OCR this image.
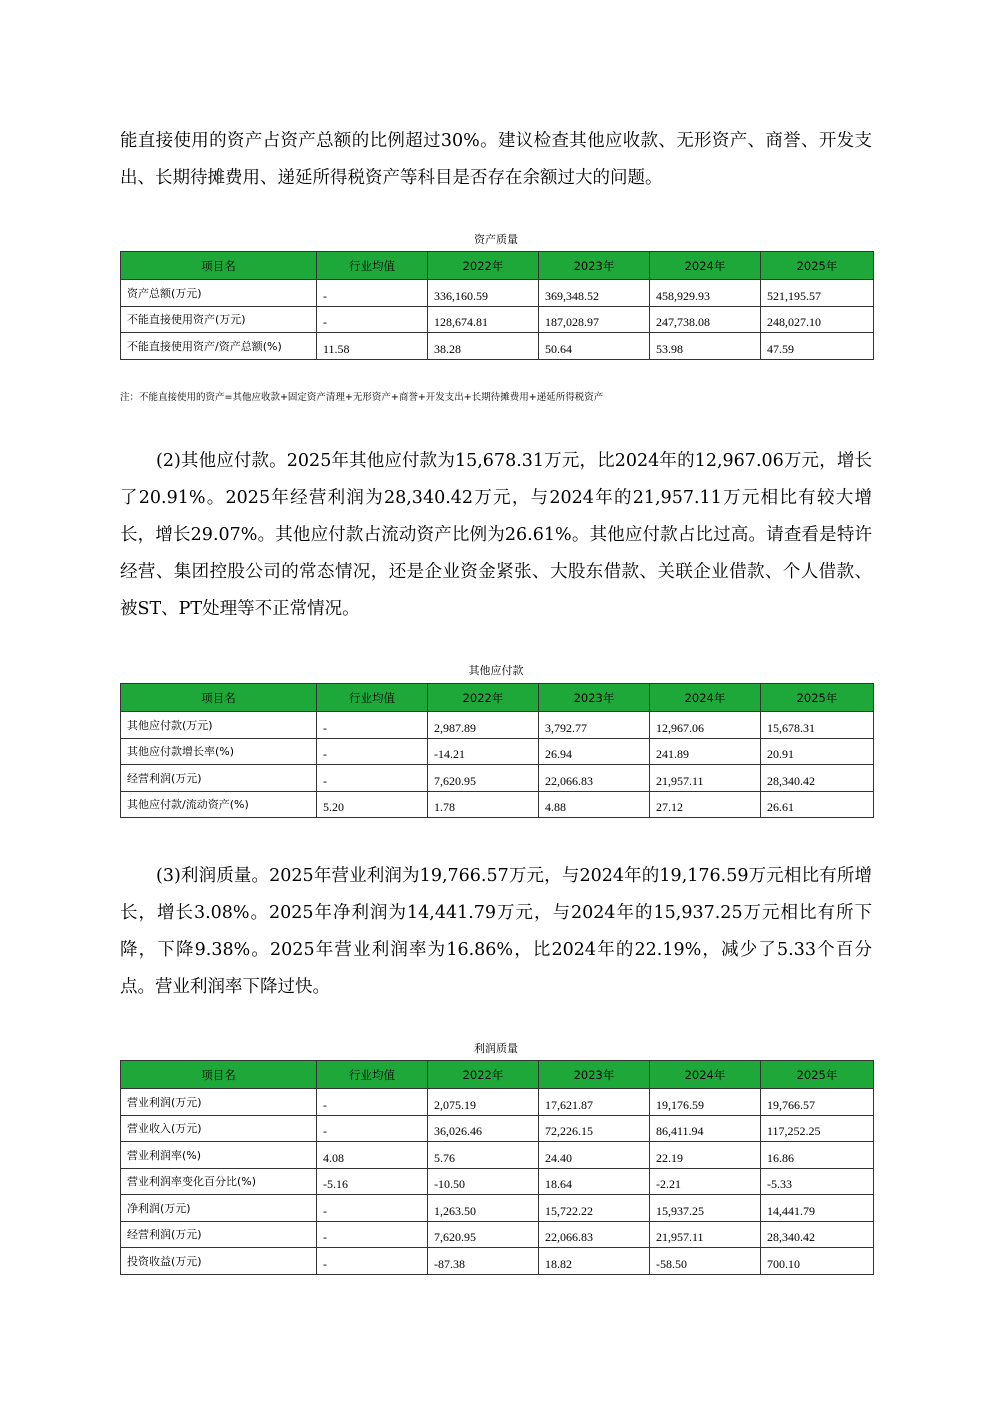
能直接使用的资产占资产总额的比例超过30%。建议检查其他应收款、无形资产、商誉、开发支出、长期待摊费用、递延所得税资产等科目是否存在余额过大的问题。

资产质量
项目名	行业均值	2022年	2023年	2024年	2025年
资产总额(万元)	-	336,160.59	369,348.52	458,929.93	521,195.57
不能直接使用资产(万元)	-	128,674.81	187,028.97	247,738.08	248,027.10
不能直接使用资产/资产总额(%)	11.58	38.28	50.64	53.98	47.59
注：不能直接使用的资产=其他应收款+固定资产清理+无形资产+商誉+开发支出+长期待摊费用+递延所得税资产

(2)其他应付款。2025年其他应付款为15,678.31万元，比2024年的12,967.06万元，增长了20.91%。2025年经营利润为28,340.42万元，与2024年的21,957.11万元相比有较大增长，增长29.07%。其他应付款占流动资产比例为26.61%。其他应付款占比过高。请查看是特许经营、集团控股公司的常态情况，还是企业资金紧张、大股东借款、关联企业借款、个人借款、被ST、PT处理等不正常情况。

其他应付款
项目名	行业均值	2022年	2023年	2024年	2025年
其他应付款(万元)	-	2,987.89	3,792.77	12,967.06	15,678.31
其他应付款增长率(%)	-	-14.21	26.94	241.89	20.91
经营利润(万元)	-	7,620.95	22,066.83	21,957.11	28,340.42
其他应付款/流动资产(%)	5.20	1.78	4.88	27.12	26.61

(3)利润质量。2025年营业利润为19,766.57万元，与2024年的19,176.59万元相比有所增长，增长3.08%。2025年净利润为14,441.79万元，与2024年的15,937.25万元相比有所下降，下降9.38%。2025年营业利润率为16.86%，比2024年的22.19%，减少了5.33个百分点。营业利润率下降过快。

利润质量
项目名	行业均值	2022年	2023年	2024年	2025年
营业利润(万元)	-	2,075.19	17,621.87	19,176.59	19,766.57
营业收入(万元)	-	36,026.46	72,226.15	86,411.94	117,252.25
营业利润率(%)	4.08	5.76	24.40	22.19	16.86
营业利润率变化百分比(%)	-5.16	-10.50	18.64	-2.21	-5.33
净利润(万元)	-	1,263.50	15,722.22	15,937.25	14,441.79
经营利润(万元)	-	7,620.95	22,066.83	21,957.11	28,340.42
投资收益(万元)	-	-87.38	18.82	-58.50	700.10
